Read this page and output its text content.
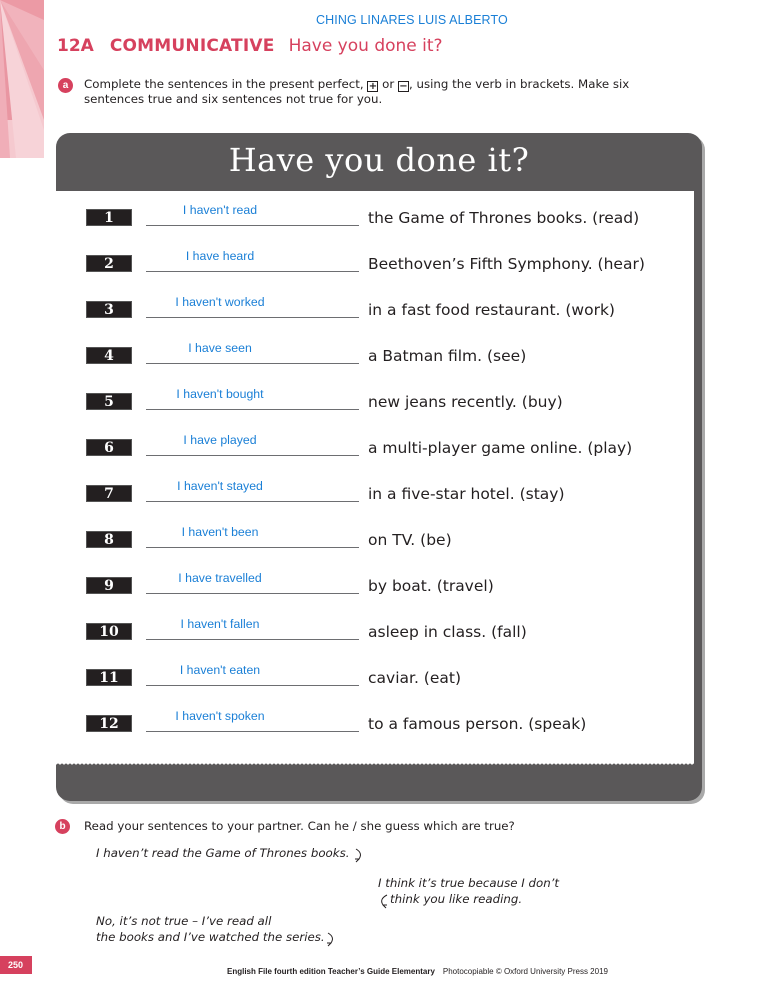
CHING LINARES LUIS ALBERTO
12A COMMUNICATIVE Have you done it?
a	Complete the sentences in the present perfect, + or −, using the verb in brackets. Make six sentences true and six sentences not true for you.
Have you done it?
1	I haven't read	the Game of Thrones books. (read)
2	I have heard	Beethoven’s Fifth Symphony. (hear)
3	I haven't worked	in a fast food restaurant. (work)
4	I have seen	a Batman film. (see)
5	I haven't bought	new jeans recently. (buy)
6	I have played	a multi-player game online. (play)
7	I haven't stayed	in a five-star hotel. (stay)
8	I haven't been	on TV. (be)
9	I have travelled	by boat. (travel)
10	I haven't fallen	asleep in class. (fall)
11	I haven't eaten	caviar. (eat)
12	I haven't spoken	to a famous person. (speak)
b	Read your sentences to your partner. Can he / she guess which are true?
I haven’t read the Game of Thrones books.
I think it’s true because I don’t
think you like reading.
No, it’s not true – I’ve read all
the books and I’ve watched the series.
250
English File fourth edition Teacher’s Guide Elementary Photocopiable © Oxford University Press 2019
